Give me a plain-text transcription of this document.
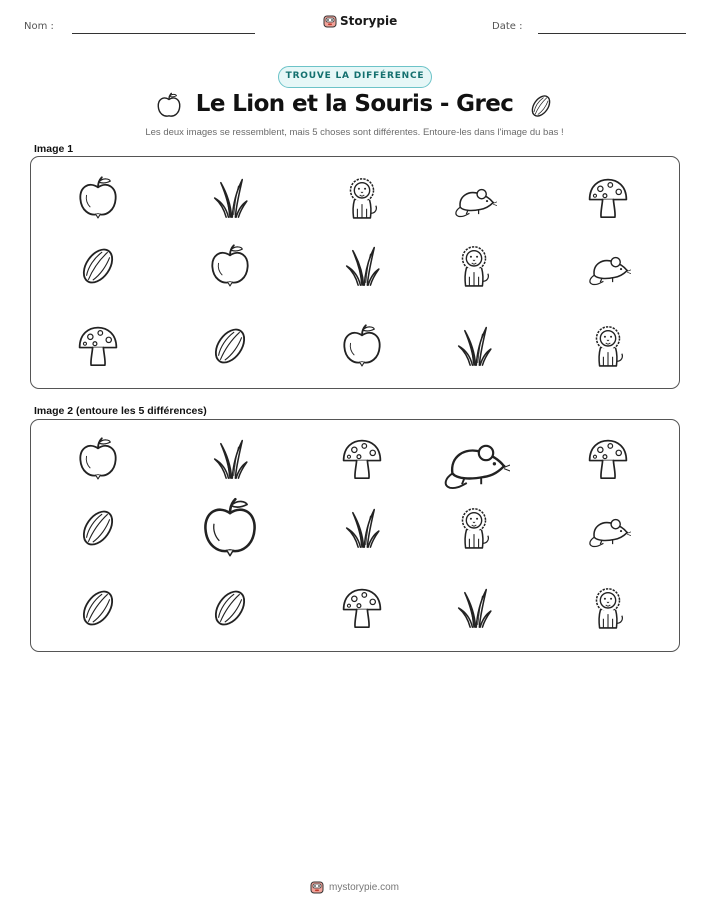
Nom :	Storypie	Date :
TROUVE LA DIFFÉRENCE
Le Lion et la Souris - Grec
Les deux images se ressemblent, mais 5 choses sont différentes. Entoure-les dans l'image du bas !
Image 1
Image 2 (entoure les 5 différences)
mystorypie.com
